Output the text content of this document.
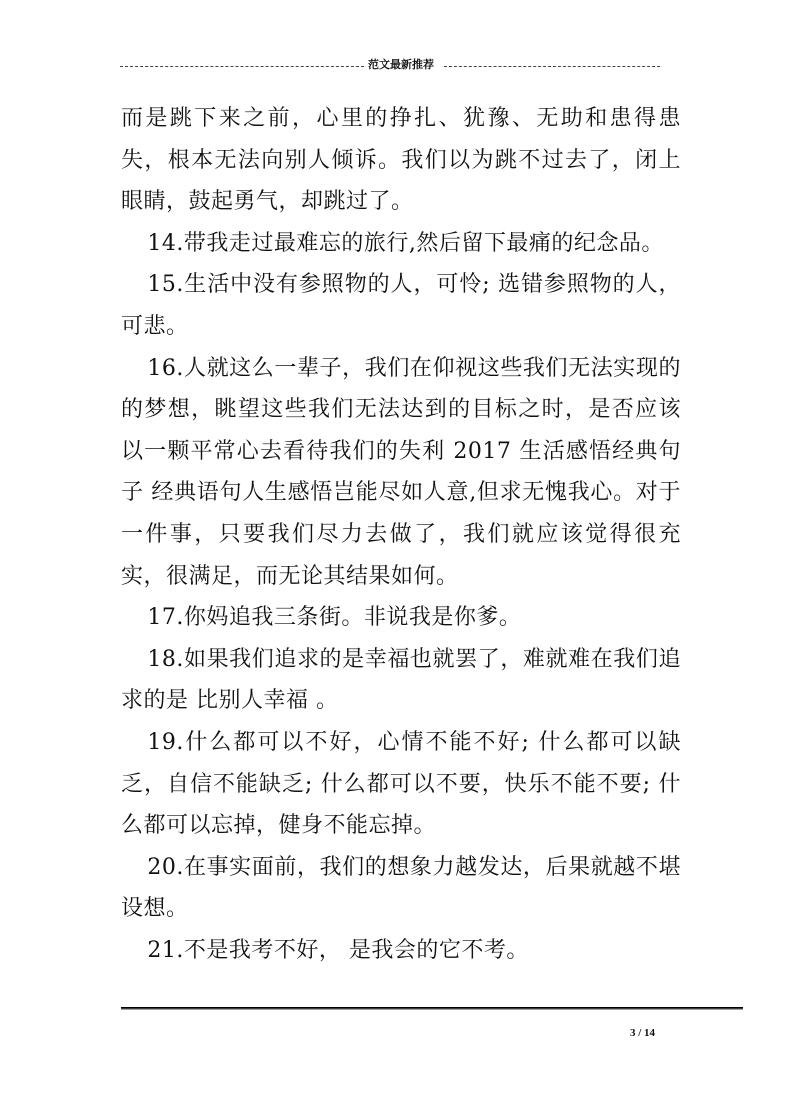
范文最新推荐

而是跳下来之前，心里的挣扎、犹豫、无助和患得患失，根本无法向别人倾诉。我们以为跳不过去了，闭上眼睛，鼓起勇气，却跳过了。

14.带我走过最难忘的旅行,然后留下最痛的纪念品。

15.生活中没有参照物的人，可怜; 选错参照物的人，可悲。

16.人就这么一辈子，我们在仰视这些我们无法实现的的梦想，眺望这些我们无法达到的目标之时，是否应该以一颗平常心去看待我们的失利 2017 生活感悟经典句子 经典语句人生感悟岂能尽如人意,但求无愧我心。对于一件事，只要我们尽力去做了，我们就应该觉得很充实，很满足，而无论其结果如何。

17.你妈追我三条街。非说我是你爹。

18.如果我们追求的是幸福也就罢了，难就难在我们追求的是 比别人幸福 。

19.什么都可以不好，心情不能不好; 什么都可以缺乏，自信不能缺乏; 什么都可以不要，快乐不能不要; 什么都可以忘掉，健身不能忘掉。

20.在事实面前，我们的想象力越发达，后果就越不堪设想。

21.不是我考不好， 是我会的它不考。

3 / 14
